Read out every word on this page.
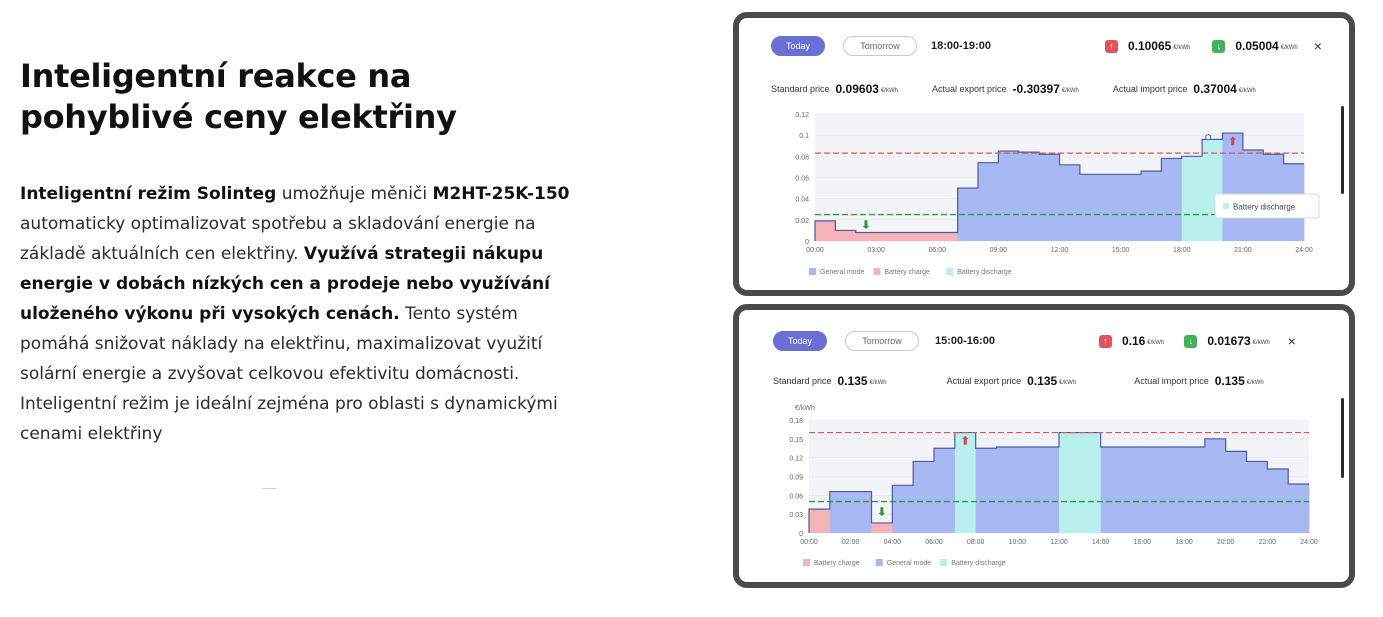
Inteligentní reakce na pohyblivé ceny elektřiny

Inteligentní režim Solinteg umožňuje měniči M2HT-25K-150 automaticky optimalizovat spotřebu a skladování energie na základě aktuálních cen elektřiny. Využívá strategii nákupu energie v dobách nízkých cen a prodeje nebo využívání uloženého výkonu při vysokých cenách. Tento systém pomáhá snižovat náklady na elektřinu, maximalizovat využití solární energie a zvyšovat celkovou efektivitu domácnosti. Inteligentní režim je ideální zejména pro oblasti s dynamickými cenami elektřiny

Today	Tomorrow	18:00-19:00	↑	0.10065 €/kWh	↓	0.05004 €/kWh ×
Standard price 0.09603 €/kWh	Actual export price -0.30397 €/kWh	Actual import price 0.37004 €/kWh
0
0.02
0.04
0.06
0.08
0.1
0.12
00:00	03:00	06:00	09:00	12:00	15:00	18:00	21:00	24:00
⬆
⬇
Battery discharge
General mode	Battery charge	Battery discharge
Today	Tomorrow	15:00-16:00	↑	0.16 €/kWh	↓	0.01673 €/kWh ×
Standard price 0.135 €/kWh	Actual export price 0.135 €/kWh	Actual import price 0.135 €/kWh
0
0.03
0.06
0.09
0.12
0.15
0.18
€/kWh
00:00	02:00	04:00	06:00	08:00	10:00	12:00	14:00	16:00	18:00	20:00	22:00	24:00
⬆
⬇
Battery charge	General mode	Battery discharge
